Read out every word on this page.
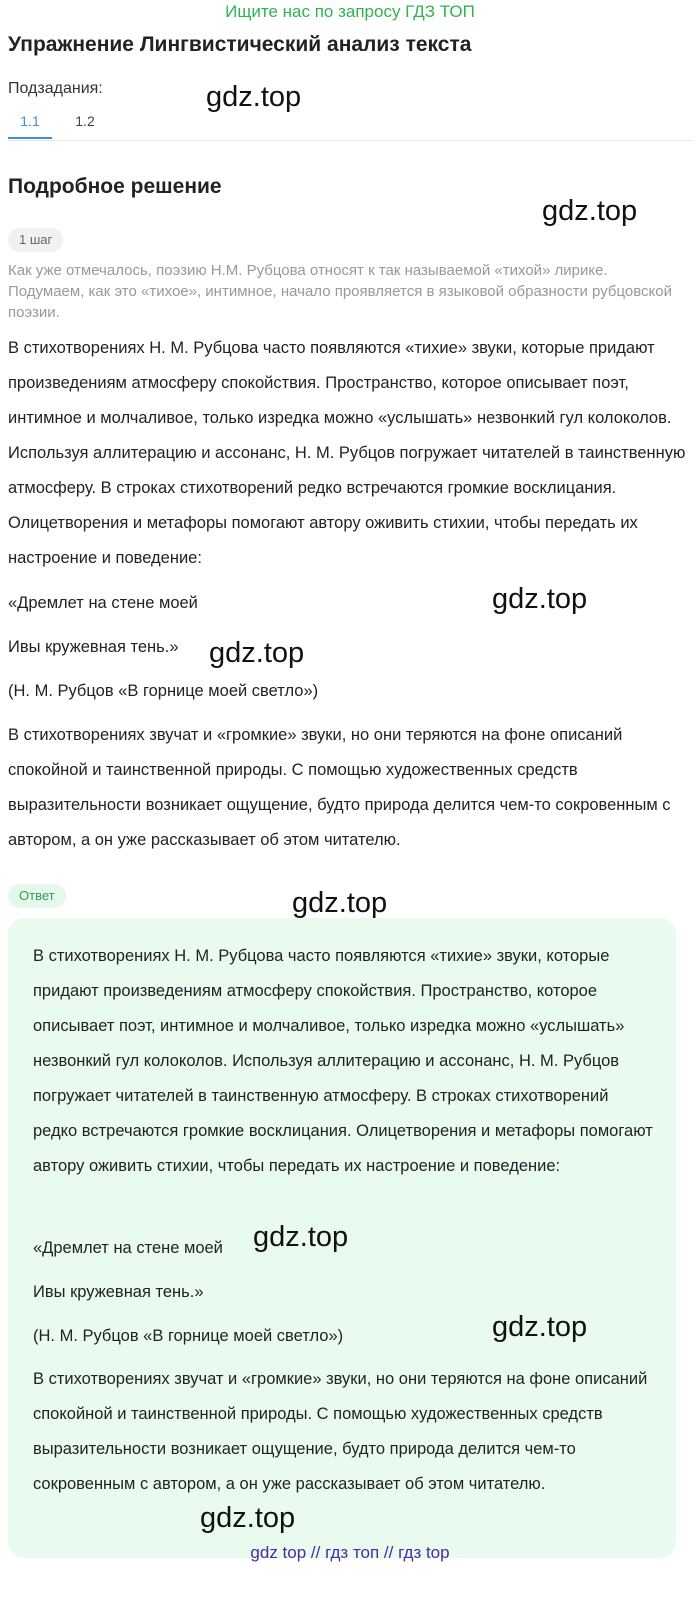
Ищите нас по запросу ГДЗ ТОП
Упражнение Лингвистический анализ текста
Подзадания:
1.1	1.2
Подробное решение
1 шаг
Как уже отмечалось, поэзию Н.М. Рубцова относят к так называемой «тихой» лирике. Подумаем, как это «тихое», интимное, начало проявляется в языковой образности рубцовской поэзии.
В стихотворениях Н. М. Рубцова часто появляются «тихие» звуки, которые придают произведениям атмосферу спокойствия. Пространство, которое описывает поэт, интимное и молчаливое, только изредка можно «услышать» незвонкий гул колоколов. Используя аллитерацию и ассонанс, Н. М. Рубцов погружает читателей в таинственную атмосферу. В строках стихотворений редко встречаются громкие восклицания. Олицетворения и метафоры помогают автору оживить стихии, чтобы передать их настроение и поведение:
«Дремлет на стене моей
Ивы кружевная тень.»
(Н. М. Рубцов «В горнице моей светло»)
В стихотворениях звучат и «громкие» звуки, но они теряются на фоне описаний спокойной и таинственной природы. С помощью художественных средств выразительности возникает ощущение, будто природа делится чем-то сокровенным с автором, а он уже рассказывает об этом читателю.
Ответ
В стихотворениях Н. М. Рубцова часто появляются «тихие» звуки, которые придают произведениям атмосферу спокойствия. Пространство, которое описывает поэт, интимное и молчаливое, только изредка можно «услышать» незвонкий гул колоколов. Используя аллитерацию и ассонанс, Н. М. Рубцов погружает читателей в таинственную атмосферу. В строках стихотворений редко встречаются громкие восклицания. Олицетворения и метафоры помогают автору оживить стихии, чтобы передать их настроение и поведение:
«Дремлет на стене моей
Ивы кружевная тень.»
(Н. М. Рубцов «В горнице моей светло»)
В стихотворениях звучат и «громкие» звуки, но они теряются на фоне описаний спокойной и таинственной природы. С помощью художественных средств выразительности возникает ощущение, будто природа делится чем-то сокровенным с автором, а он уже рассказывает об этом читателю.
gdz.top
gdz.top
gdz.top
gdz.top
gdz.top
gdz.top
gdz.top
gdz.top
gdz top // гдз топ // гдз top
